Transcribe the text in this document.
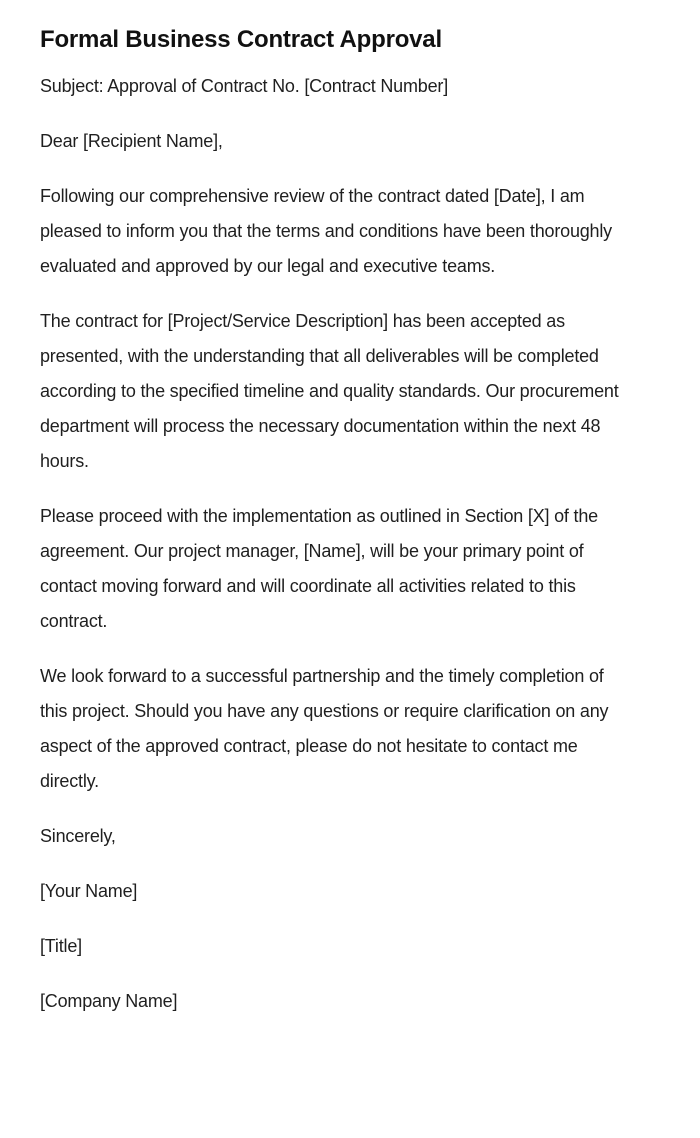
Formal Business Contract Approval

Subject: Approval of Contract No. [Contract Number]

Dear [Recipient Name],

Following our comprehensive review of the contract dated [Date], I am pleased to inform you that the terms and conditions have been thoroughly evaluated and approved by our legal and executive teams.

The contract for [Project/Service Description] has been accepted as presented, with the understanding that all deliverables will be completed according to the specified timeline and quality standards. Our procurement department will process the necessary documentation within the next 48 hours.

Please proceed with the implementation as outlined in Section [X] of the agreement. Our project manager, [Name], will be your primary point of contact moving forward and will coordinate all activities related to this contract.

We look forward to a successful partnership and the timely completion of this project. Should you have any questions or require clarification on any aspect of the approved contract, please do not hesitate to contact me directly.

Sincerely,

[Your Name]

[Title]

[Company Name]
